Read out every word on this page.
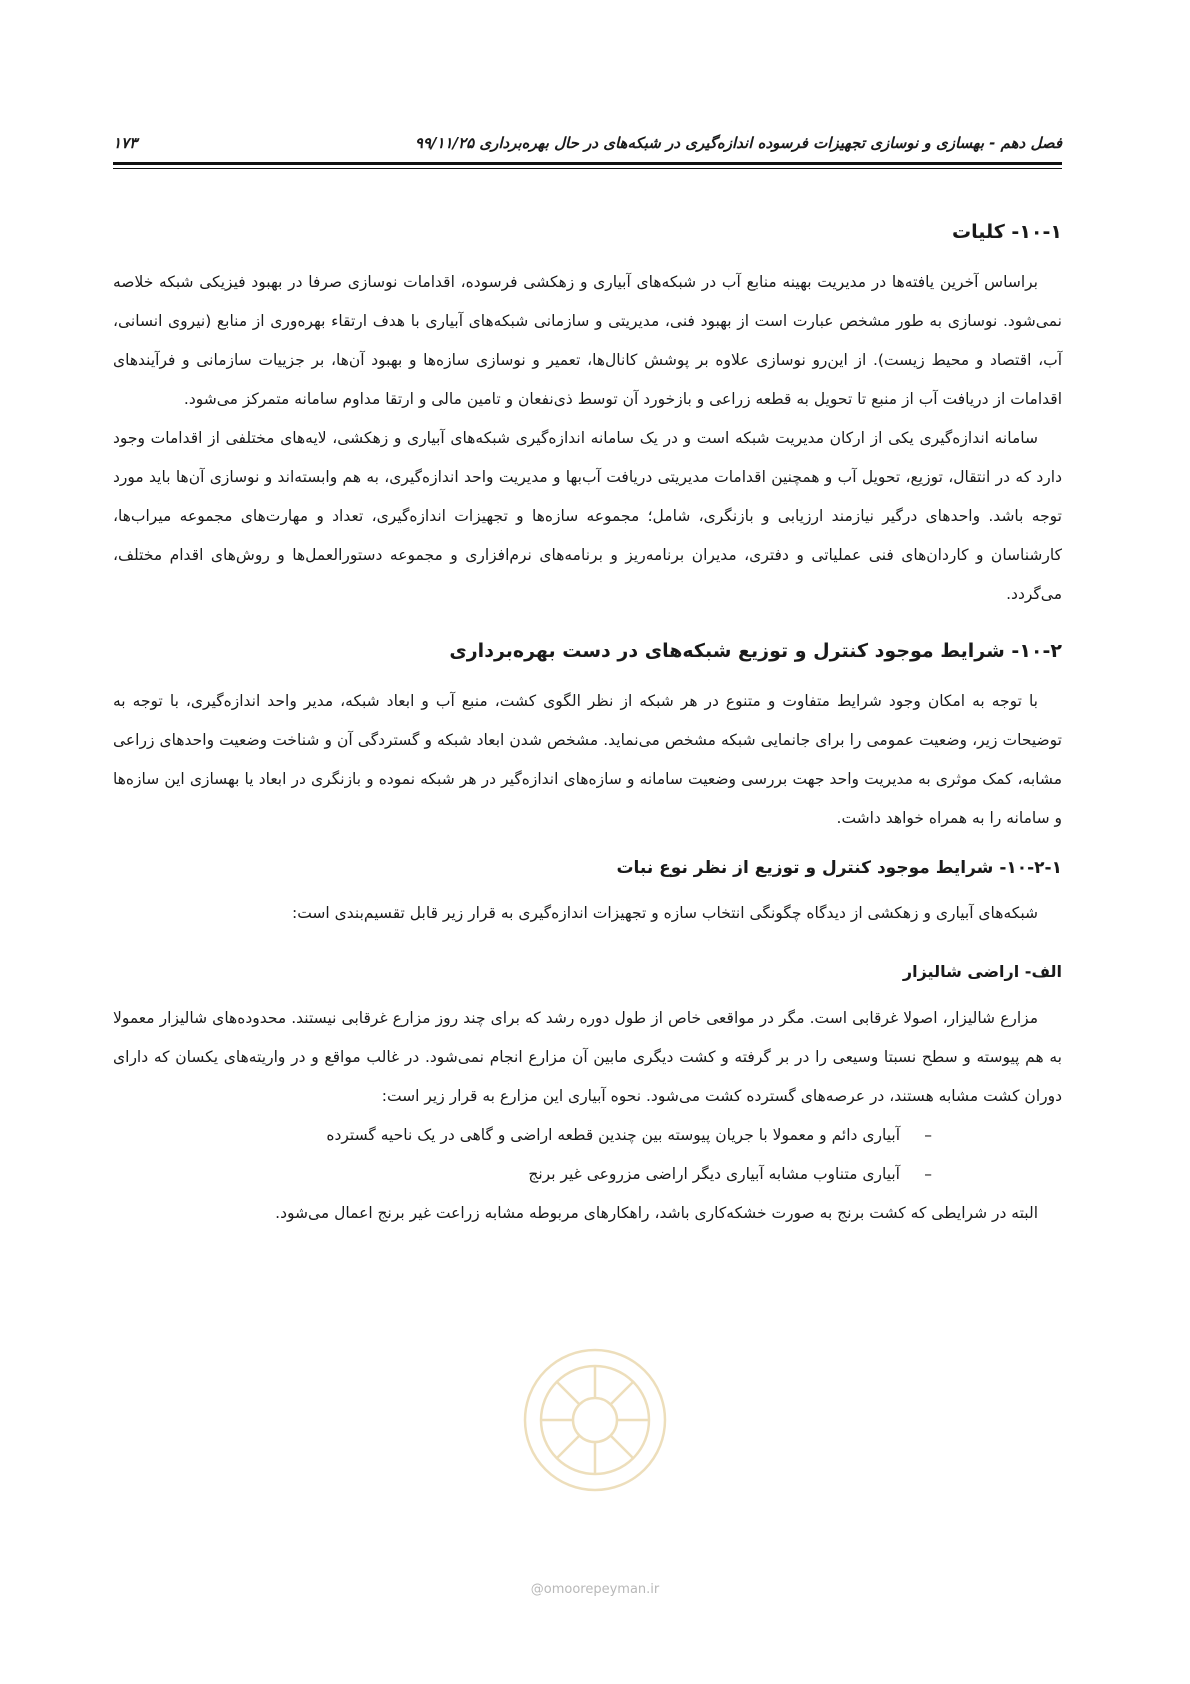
فصل دهم - بهسازی و نوسازی تجهیزات فرسوده اندازه‌گیری در شبکه‌های در حال بهره‌برداری ۹۹/۱۱/۲۵
۱۷۳
۱۰-۱- کلیات

براساس آخرین یافته‌ها در مدیریت بهینه منابع آب در شبکه‌های آبیاری و زهکشی فرسوده، اقدامات نوسازی صرفا در بهبود فیزیکی شبکه خلاصه نمی‌شود. نوسازی به طور مشخص عبارت است از بهبود فنی، مدیریتی و سازمانی شبکه‌های آبیاری با هدف ارتقاء بهره‌وری از منابع (نیروی انسانی، آب، اقتصاد و محیط زیست). از این‌رو نوسازی علاوه بر پوشش کانال‌ها، تعمیر و نوسازی سازه‌ها و بهبود آن‌ها، بر جزییات سازمانی و فرآیندهای اقدامات از دریافت آب از منبع تا تحویل به قطعه زراعی و بازخورد آن توسط ذی‌نفعان و تامین مالی و ارتقا مداوم سامانه متمرکز می‌شود.

سامانه اندازه‌گیری یکی از ارکان مدیریت شبکه است و در یک سامانه اندازه‌گیری شبکه‌های آبیاری و زهکشی، لایه‌های مختلفی از اقدامات وجود دارد که در انتقال، توزیع، تحویل آب و همچنین اقدامات مدیریتی دریافت آب‌بها و مدیریت واحد اندازه‌گیری، به هم وابسته‌اند و نوسازی آن‌ها باید مورد توجه باشد. واحدهای درگیر نیازمند ارزیابی و بازنگری، شامل؛ مجموعه سازه‌ها و تجهیزات اندازه‌گیری، تعداد و مهارت‌های مجموعه میراب‌ها، کارشناسان و کاردان‌های فنی عملیاتی و دفتری، مدیران برنامه‌ریز و برنامه‌های نرم‌افزاری و مجموعه دستورالعمل‌ها و روش‌های اقدام مختلف، می‌گردد.

۱۰-۲- شرایط موجود کنترل و توزیع شبکه‌های در دست بهره‌برداری

با توجه به امکان وجود شرایط متفاوت و متنوع در هر شبکه از نظر الگوی کشت، منبع آب و ابعاد شبکه، مدیر واحد اندازه‌گیری، با توجه به توضیحات زیر، وضعیت عمومی را برای جانمایی شبکه مشخص می‌نماید. مشخص شدن ابعاد شبکه و گستردگی آن و شناخت وضعیت واحدهای زراعی مشابه، کمک موثری به مدیریت واحد جهت بررسی وضعیت سامانه و سازه‌های اندازه‌گیر در هر شبکه نموده و بازنگری در ابعاد یا بهسازی این سازه‌ها و سامانه را به همراه خواهد داشت.

۱۰-۲-۱- شرایط موجود کنترل و توزیع از نظر نوع نبات

شبکه‌های آبیاری و زهکشی از دیدگاه چگونگی انتخاب سازه و تجهیزات اندازه‌گیری به قرار زیر قابل تقسیم‌بندی است:

الف- اراضی شالیزار

مزارع شالیزار، اصولا غرقابی است. مگر در مواقعی خاص از طول دوره رشد که برای چند روز مزارع غرقابی نیستند. محدوده‌های شالیزار معمولا به هم پیوسته و سطح نسبتا وسیعی را در بر گرفته و کشت دیگری مابین آن مزارع انجام نمی‌شود. در غالب مواقع و در واریته‌های یکسان که دارای دوران کشت مشابه هستند، در عرصه‌های گسترده کشت می‌شود. نحوه آبیاری این مزارع به قرار زیر است:

–
آبیاری دائم و معمولا با جریان پیوسته بین چندین قطعه اراضی و گاهی در یک ناحیه گسترده
–
آبیاری متناوب مشابه آبیاری دیگر اراضی مزروعی غیر برنج

البته در شرایطی که کشت برنج به صورت خشکه‌کاری باشد، راهکارهای مربوطه مشابه زراعت غیر برنج اعمال می‌شود.

@omoorepeyman.ir
